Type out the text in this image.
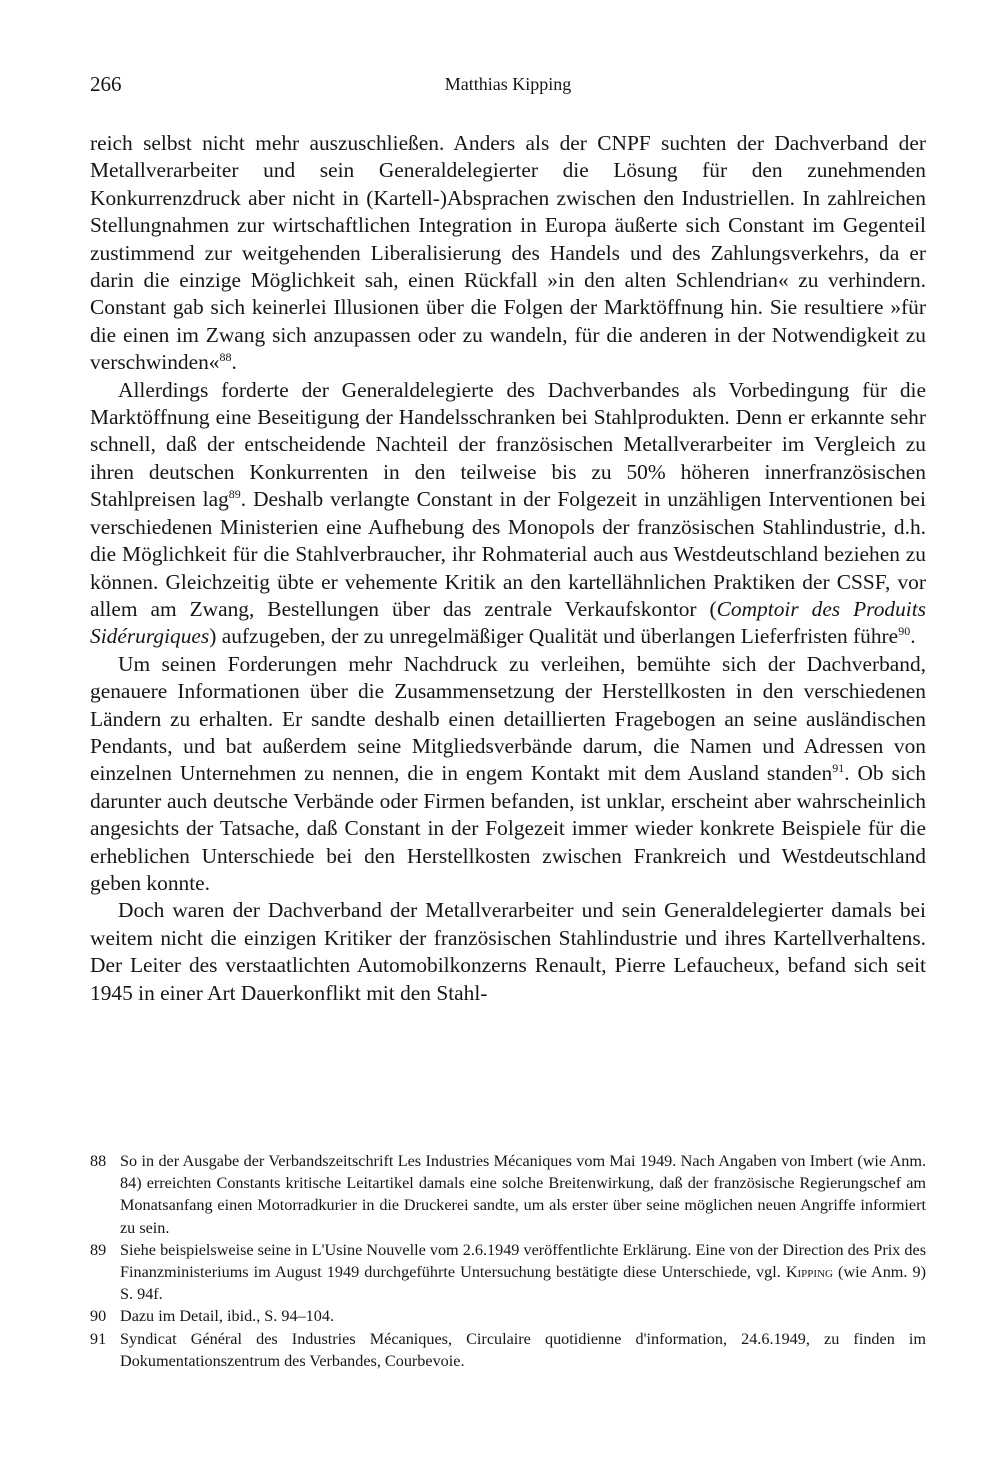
266	Matthias Kipping

reich selbst nicht mehr auszuschließen. Anders als der CNPF suchten der Dachverband der Metallverarbeiter und sein Generaldelegierter die Lösung für den zunehmenden Konkurrenzdruck aber nicht in (Kartell-)Absprachen zwischen den Industriellen. In zahlreichen Stellungnahmen zur wirtschaftlichen Integration in Europa äußerte sich Constant im Gegenteil zustimmend zur weitgehenden Liberalisierung des Handels und des Zahlungsverkehrs, da er darin die einzige Möglichkeit sah, einen Rückfall »in den alten Schlendrian« zu verhindern. Constant gab sich keinerlei Illusionen über die Folgen der Marktöffnung hin. Sie resultiere »für die einen im Zwang sich anzupassen oder zu wandeln, für die anderen in der Notwendigkeit zu verschwinden«$^{88}$.

Allerdings forderte der Generaldelegierte des Dachverbandes als Vorbedingung für die Marktöffnung eine Beseitigung der Handelsschranken bei Stahlprodukten. Denn er erkannte sehr schnell, daß der entscheidende Nachteil der französischen Metallverarbeiter im Vergleich zu ihren deutschen Konkurrenten in den teilweise bis zu 50% höheren innerfranzösischen Stahlpreisen lag$^{89}$. Deshalb verlangte Constant in der Folgezeit in unzähligen Interventionen bei verschiedenen Ministerien eine Aufhebung des Monopols der französischen Stahlindustrie, d.h. die Möglichkeit für die Stahlverbraucher, ihr Rohmaterial auch aus Westdeutschland beziehen zu können. Gleichzeitig übte er vehemente Kritik an den kartellähnlichen Praktiken der CSSF, vor allem am Zwang, Bestellungen über das zentrale Verkaufskontor (Comptoir des Produits Sidérurgiques) aufzugeben, der zu unregelmäßiger Qualität und überlangen Lieferfristen führe$^{90}$.

Um seinen Forderungen mehr Nachdruck zu verleihen, bemühte sich der Dachverband, genauere Informationen über die Zusammensetzung der Herstellkosten in den verschiedenen Ländern zu erhalten. Er sandte deshalb einen detaillierten Fragebogen an seine ausländischen Pendants, und bat außerdem seine Mitgliedsverbände darum, die Namen und Adressen von einzelnen Unternehmen zu nennen, die in engem Kontakt mit dem Ausland standen$^{91}$. Ob sich darunter auch deutsche Verbände oder Firmen befanden, ist unklar, erscheint aber wahrscheinlich angesichts der Tatsache, daß Constant in der Folgezeit immer wieder konkrete Beispiele für die erheblichen Unterschiede bei den Herstellkosten zwischen Frankreich und Westdeutschland geben konnte.

Doch waren der Dachverband der Metallverarbeiter und sein Generaldelegierter damals bei weitem nicht die einzigen Kritiker der französischen Stahlindustrie und ihres Kartellverhaltens. Der Leiter des verstaatlichten Automobilkonzerns Renault, Pierre Lefaucheux, befand sich seit 1945 in einer Art Dauerkonflikt mit den Stahl-

88 So in der Ausgabe der Verbandszeitschrift Les Industries Mécaniques vom Mai 1949. Nach Angaben von Imbert (wie Anm. 84) erreichten Constants kritische Leitartikel damals eine solche Breitenwirkung, daß der französische Regierungschef am Monatsanfang einen Motorradkurier in die Druckerei sandte, um als erster über seine möglichen neuen Angriffe informiert zu sein.
89 Siehe beispielsweise seine in L'Usine Nouvelle vom 2.6.1949 veröffentlichte Erklärung. Eine von der Direction des Prix des Finanzministeriums im August 1949 durchgeführte Untersuchung bestätigte diese Unterschiede, vgl. Kipping (wie Anm. 9) S. 94f.
90 Dazu im Detail, ibid., S. 94–104.
91 Syndicat Général des Industries Mécaniques, Circulaire quotidienne d'information, 24.6.1949, zu finden im Dokumentationszentrum des Verbandes, Courbevoie.
